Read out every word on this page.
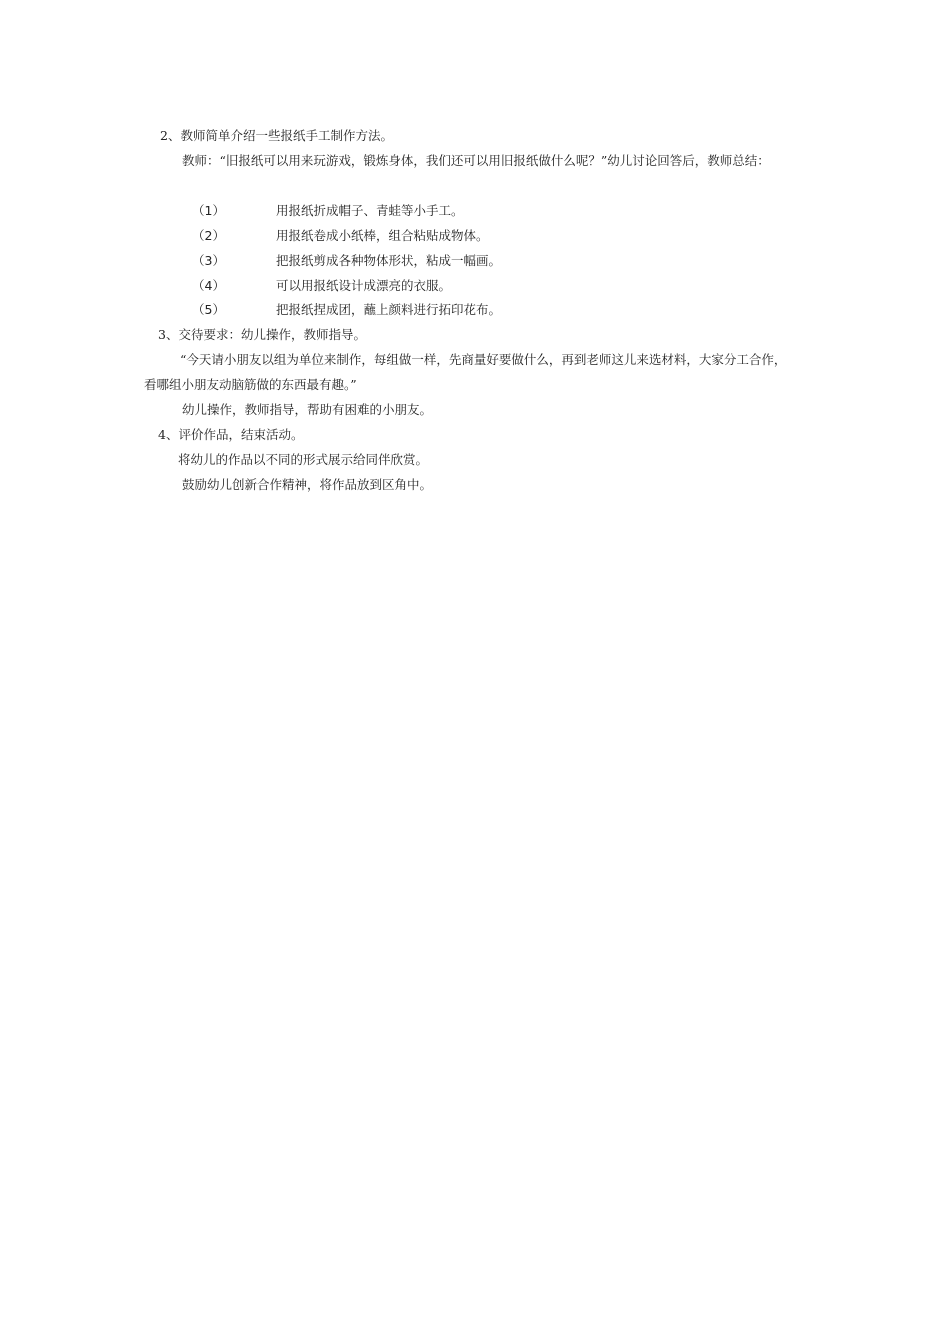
2、教师简单介绍一些报纸手工制作方法。
教师：“旧报纸可以用来玩游戏，锻炼身体，我们还可以用旧报纸做什么呢？”幼儿讨论回答后，教师总结：
（1）	用报纸折成帽子、青蛙等小手工。
（2）	用报纸卷成小纸棒，组合粘贴成物体。
（3）	把报纸剪成各种物体形状，粘成一幅画。
（4）	可以用报纸设计成漂亮的衣服。
（5）	把报纸捏成团，蘸上颜料进行拓印花布。
3、交待要求：幼儿操作，教师指导。
“今天请小朋友以组为单位来制作，每组做一样，先商量好要做什么，再到老师这儿来选材料，大家分工合作，
看哪组小朋友动脑筋做的东西最有趣。”
幼儿操作，教师指导，帮助有困难的小朋友。
4、评价作品，结束活动。
将幼儿的作品以不同的形式展示给同伴欣赏。
鼓励幼儿创新合作精神，将作品放到区角中。
